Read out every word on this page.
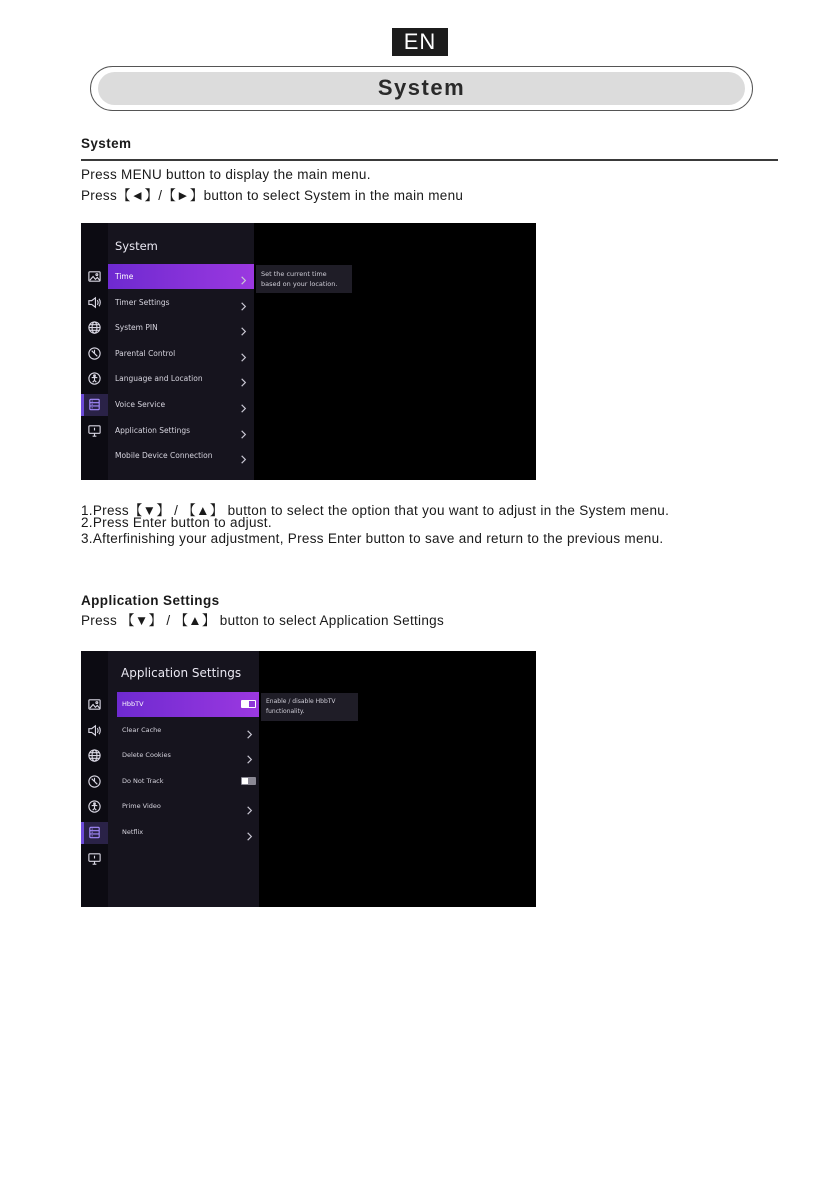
EN
System
System
Press MENU button to display the main menu.
Press【◄】/【►】button to select System in the main menu
System
Time
Timer Settings
System PIN
Parental Control
Language and Location
Voice Service
Application Settings
Mobile Device Connection
Set the current time
based on your location.
1.Press【▼】 / 【▲】 button to select the option that you want to adjust in the System menu.
2.Press Enter button to adjust.
3.Afterfinishing your adjustment, Press Enter button to save and return to the previous menu.
Application Settings
Press 【▼】 / 【▲】 button to select Application Settings
Application Settings
HbbTV
Clear Cache
Delete Cookies
Do Not Track
Prime Video
Netflix
Enable / disable HbbTV
functionality.
